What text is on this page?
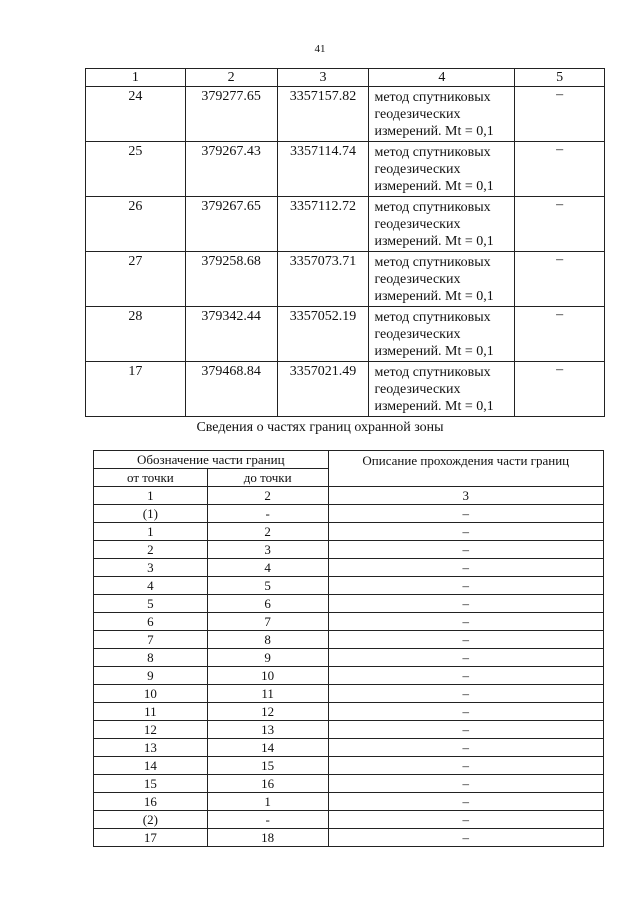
41
1	2	3	4	5
24	379277.65	3357157.82	метод спутниковых
геодезических
измерений. Mt = 0,1	–
25	379267.43	3357114.74	метод спутниковых
геодезических
измерений. Mt = 0,1	–
26	379267.65	3357112.72	метод спутниковых
геодезических
измерений. Mt = 0,1	–
27	379258.68	3357073.71	метод спутниковых
геодезических
измерений. Mt = 0,1	–
28	379342.44	3357052.19	метод спутниковых
геодезических
измерений. Mt = 0,1	–
17	379468.84	3357021.49	метод спутниковых
геодезических
измерений. Mt = 0,1	–
Сведения о частях границ охранной зоны
Обозначение части границ		Описание прохождения части границ
от точки	до точки	
1	2	3
(1)	-	–
1	2	–
2	3	–
3	4	–
4	5	–
5	6	–
6	7	–
7	8	–
8	9	–
9	10	–
10	11	–
11	12	–
12	13	–
13	14	–
14	15	–
15	16	–
16	1	–
(2)	-	–
17	18	–
